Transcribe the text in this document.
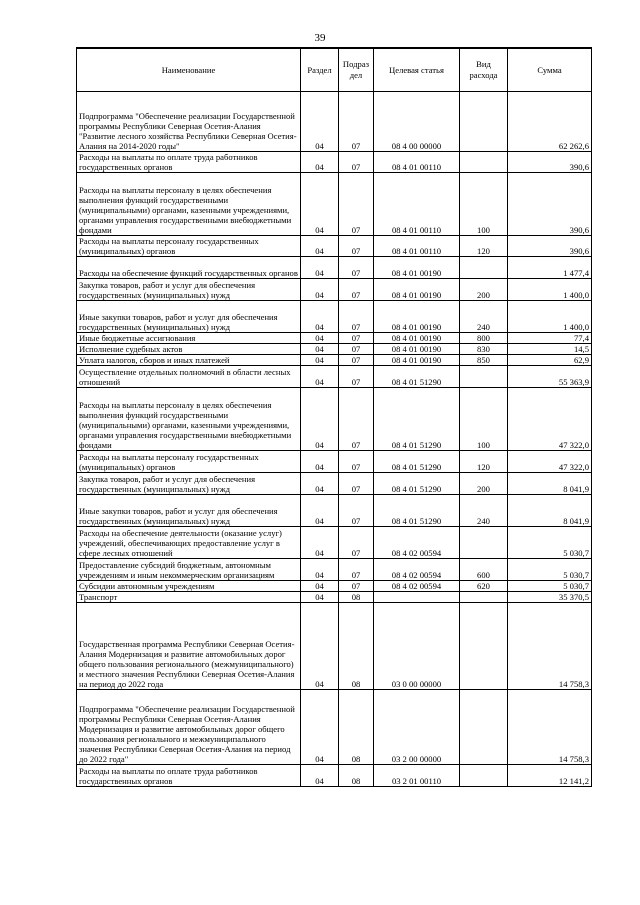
39
Наименование	Раздел	Подраз дел	Целевая статья	Вид расхода	Сумма
Подпрограмма "Обеспечение реализации Государственной программы Республики Северная Осетия-Алания "Развитие лесного хозяйства Республики Северная Осетия-Алания на 2014-2020 годы"	04	07	08 4 00 00000		62 262,6
Расходы на выплаты по оплате труда работников государственных органов	04	07	08 4 01 00110		390,6
Расходы на выплаты персоналу в целях обеспечения выполнения функций государственными (муниципальными) органами, казенными учреждениями, органами управления государственными внебюджетными фондами	04	07	08 4 01 00110	100	390,6
Расходы на выплаты персоналу государственных (муниципальных) органов	04	07	08 4 01 00110	120	390,6
Расходы на обеспечение функций государственных органов	04	07	08 4 01 00190		1 477,4
Закупка товаров, работ и услуг для обеспечения государственных (муниципальных) нужд	04	07	08 4 01 00190	200	1 400,0
Иные закупки товаров, работ и услуг для обеспечения государственных (муниципальных) нужд	04	07	08 4 01 00190	240	1 400,0
Иные бюджетные ассигнования	04	07	08 4 01 00190	800	77,4
Исполнение судебных актов	04	07	08 4 01 00190	830	14,5
Уплата налогов, сборов и иных платежей	04	07	08 4 01 00190	850	62,9
Осуществление отдельных полномочий в области лесных отношений	04	07	08 4 01 51290		55 363,9
Расходы на выплаты персоналу в целях обеспечения выполнения функций государственными (муниципальными) органами, казенными учреждениями, органами управления государственными внебюджетными фондами	04	07	08 4 01 51290	100	47 322,0
Расходы на выплаты персоналу государственных (муниципальных) органов	04	07	08 4 01 51290	120	47 322,0
Закупка товаров, работ и услуг для обеспечения государственных (муниципальных) нужд	04	07	08 4 01 51290	200	8 041,9
Иные закупки товаров, работ и услуг для обеспечения государственных (муниципальных) нужд	04	07	08 4 01 51290	240	8 041,9
Расходы на обеспечение деятельности (оказание услуг) учреждений, обеспечивающих предоставление услуг в сфере лесных отношений	04	07	08 4 02 00594		5 030,7
Предоставление субсидий бюджетным, автономным учреждениям и иным некоммерческим организациям	04	07	08 4 02 00594	600	5 030,7
Субсидии автономным учреждениям	04	07	08 4 02 00594	620	5 030,7
Транспорт	04	08			35 370,5
Государственная программа Республики Северная Осетия-Алания Модернизация и развитие автомобильных дорог общего пользования регионального (межмуниципального) и местного значения Республики Северная Осетия-Алания на период до 2022 года	04	08	03 0 00 00000		14 758,3
Подпрограмма "Обеспечение реализации Государственной программы Республики Северная Осетия-Алания Модернизация и развитие автомобильных дорог общего пользования регионального и межмуниципального значения Республики Северная Осетия-Алания на период до 2022 года"	04	08	03 2 00 00000		14 758,3
Расходы на выплаты по оплате труда работников государственных органов	04	08	03 2 01 00110		12 141,2
